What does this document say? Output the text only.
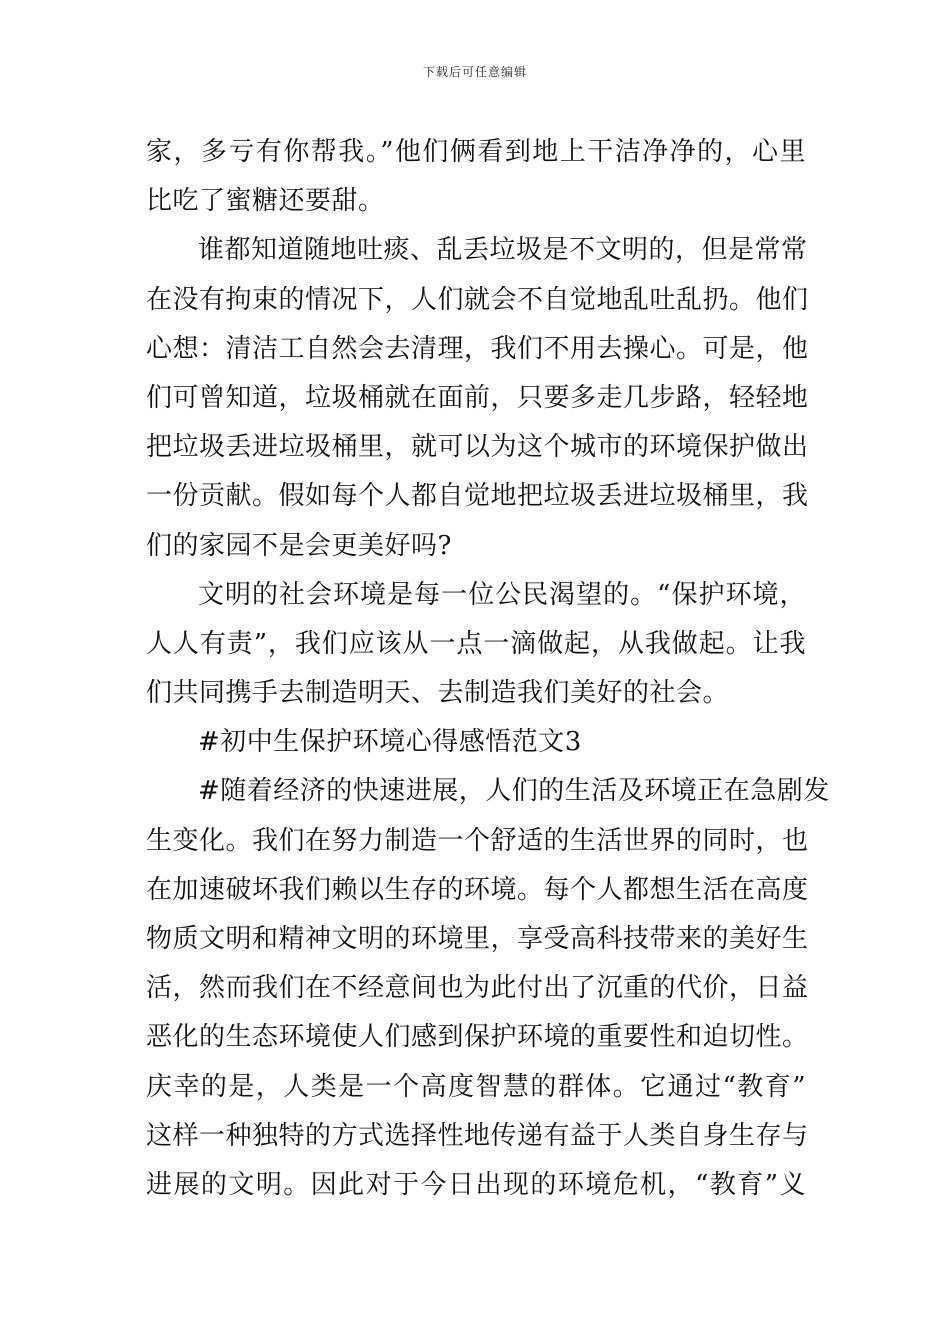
下载后可任意编辑
家，多亏有你帮我。”他们俩看到地上干洁净净的，心里
比吃了蜜糖还要甜。
谁都知道随地吐痰、乱丢垃圾是不文明的，但是常常
在没有拘束的情况下，人们就会不自觉地乱吐乱扔。他们
心想：清洁工自然会去清理，我们不用去操心。可是，他
们可曾知道，垃圾桶就在面前，只要多走几步路，轻轻地
把垃圾丢进垃圾桶里，就可以为这个城市的环境保护做出
一份贡献。假如每个人都自觉地把垃圾丢进垃圾桶里，我
们的家园不是会更美好吗?
文明的社会环境是每一位公民渴望的。“保护环境，
人人有责”，我们应该从一点一滴做起，从我做起。让我
们共同携手去制造明天、去制造我们美好的社会。
#初中生保护环境心得感悟范文3
#随着经济的快速进展，人们的生活及环境正在急剧发
生变化。我们在努力制造一个舒适的生活世界的同时，也
在加速破坏我们赖以生存的环境。每个人都想生活在高度
物质文明和精神文明的环境里，享受高科技带来的美好生
活，然而我们在不经意间也为此付出了沉重的代价，日益
恶化的生态环境使人们感到保护环境的重要性和迫切性。
庆幸的是，人类是一个高度智慧的群体。它通过“教育”
这样一种独特的方式选择性地传递有益于人类自身生存与
进展的文明。因此对于今日出现的环境危机，“教育”义
